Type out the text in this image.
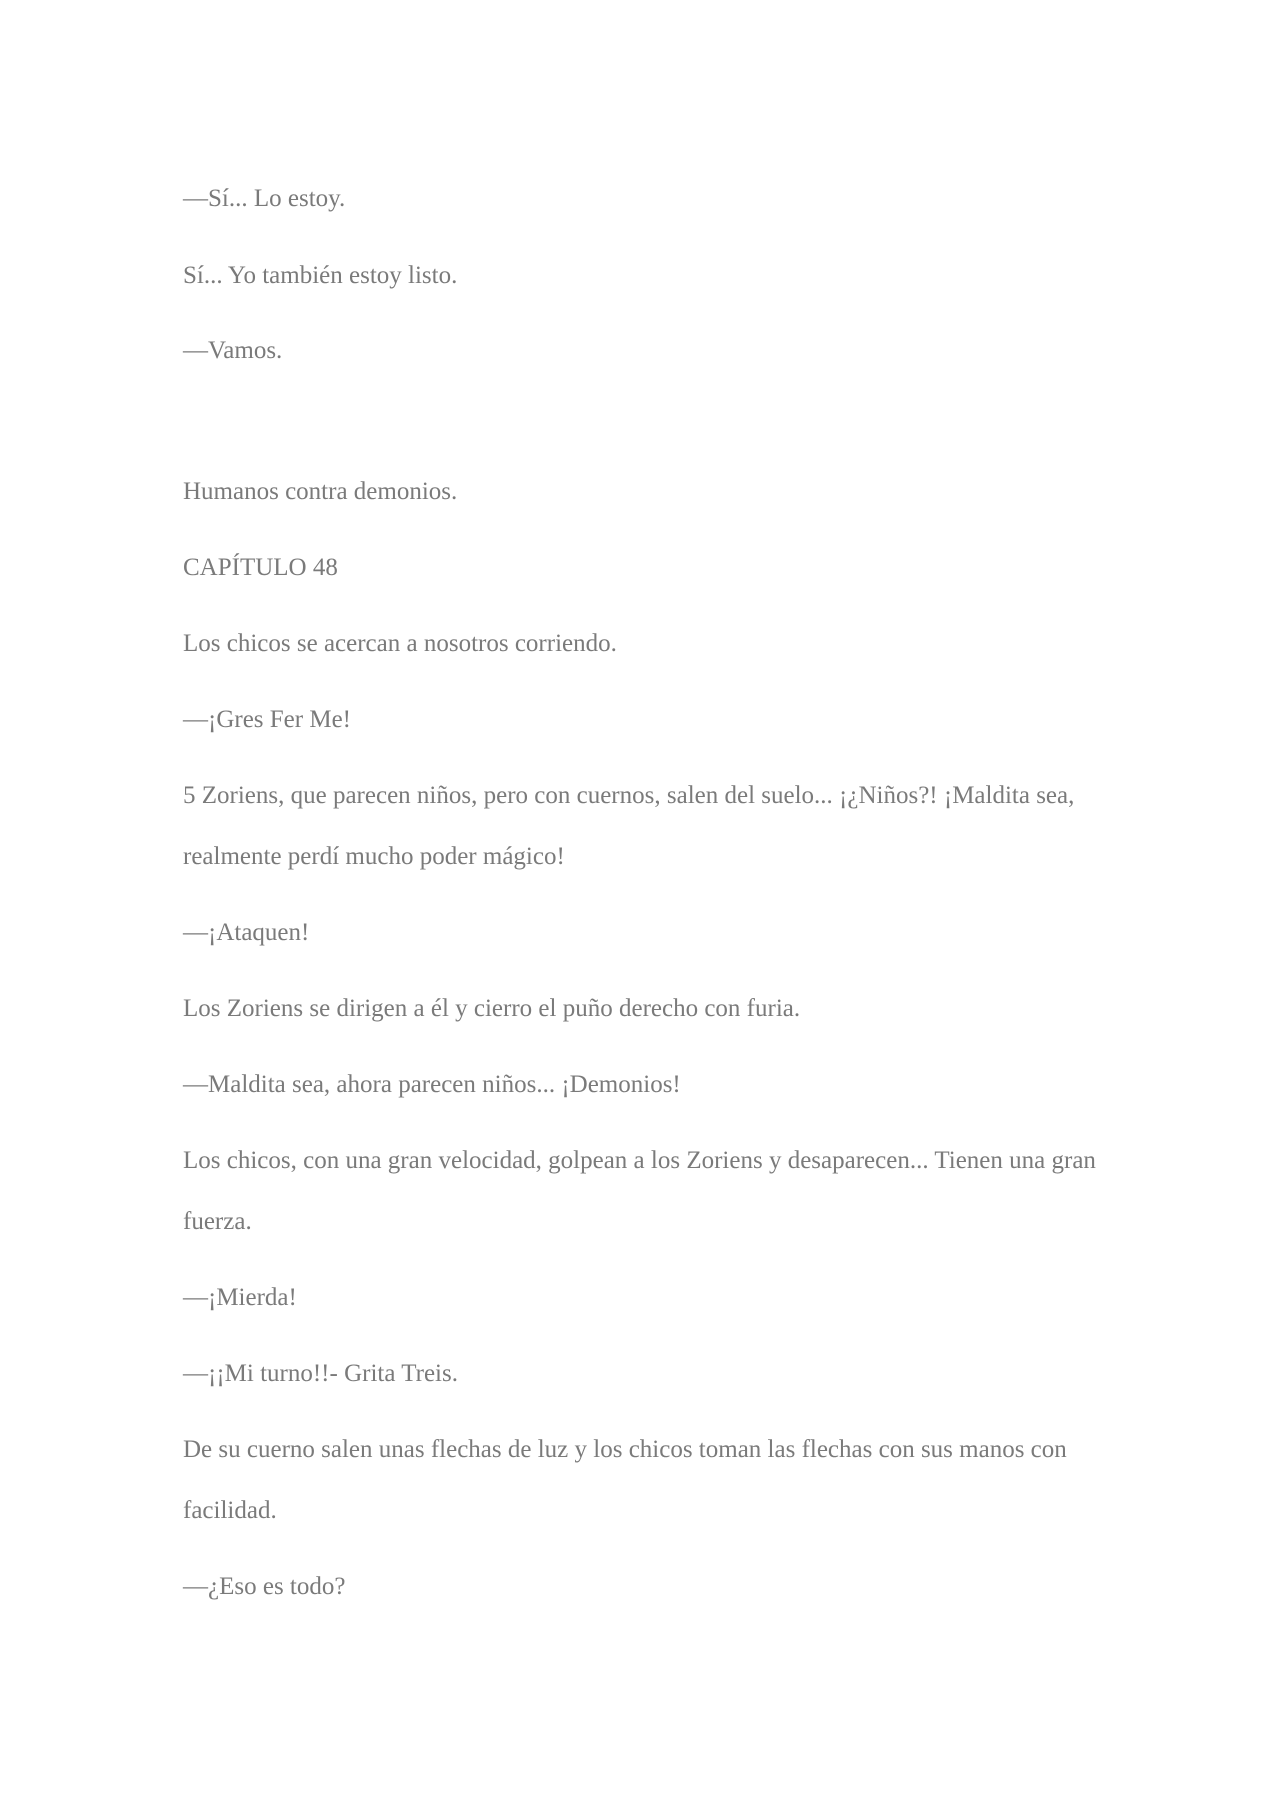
—Sí... Lo estoy.

Sí... Yo también estoy listo.

—Vamos.

Humanos contra demonios.

CAPÍTULO 48

Los chicos se acercan a nosotros corriendo.

—¡Gres Fer Me!

5 Zoriens, que parecen niños, pero con cuernos, salen del suelo... ¡¿Niños?! ¡Maldita sea, realmente perdí mucho poder mágico!

—¡Ataquen!

Los Zoriens se dirigen a él y cierro el puño derecho con furia.

—Maldita sea, ahora parecen niños... ¡Demonios!

Los chicos, con una gran velocidad, golpean a los Zoriens y desaparecen... Tienen una gran fuerza.

—¡Mierda!

—¡¡Mi turno!!- Grita Treis.

De su cuerno salen unas flechas de luz y los chicos toman las flechas con sus manos con facilidad.

—¿Eso es todo?
